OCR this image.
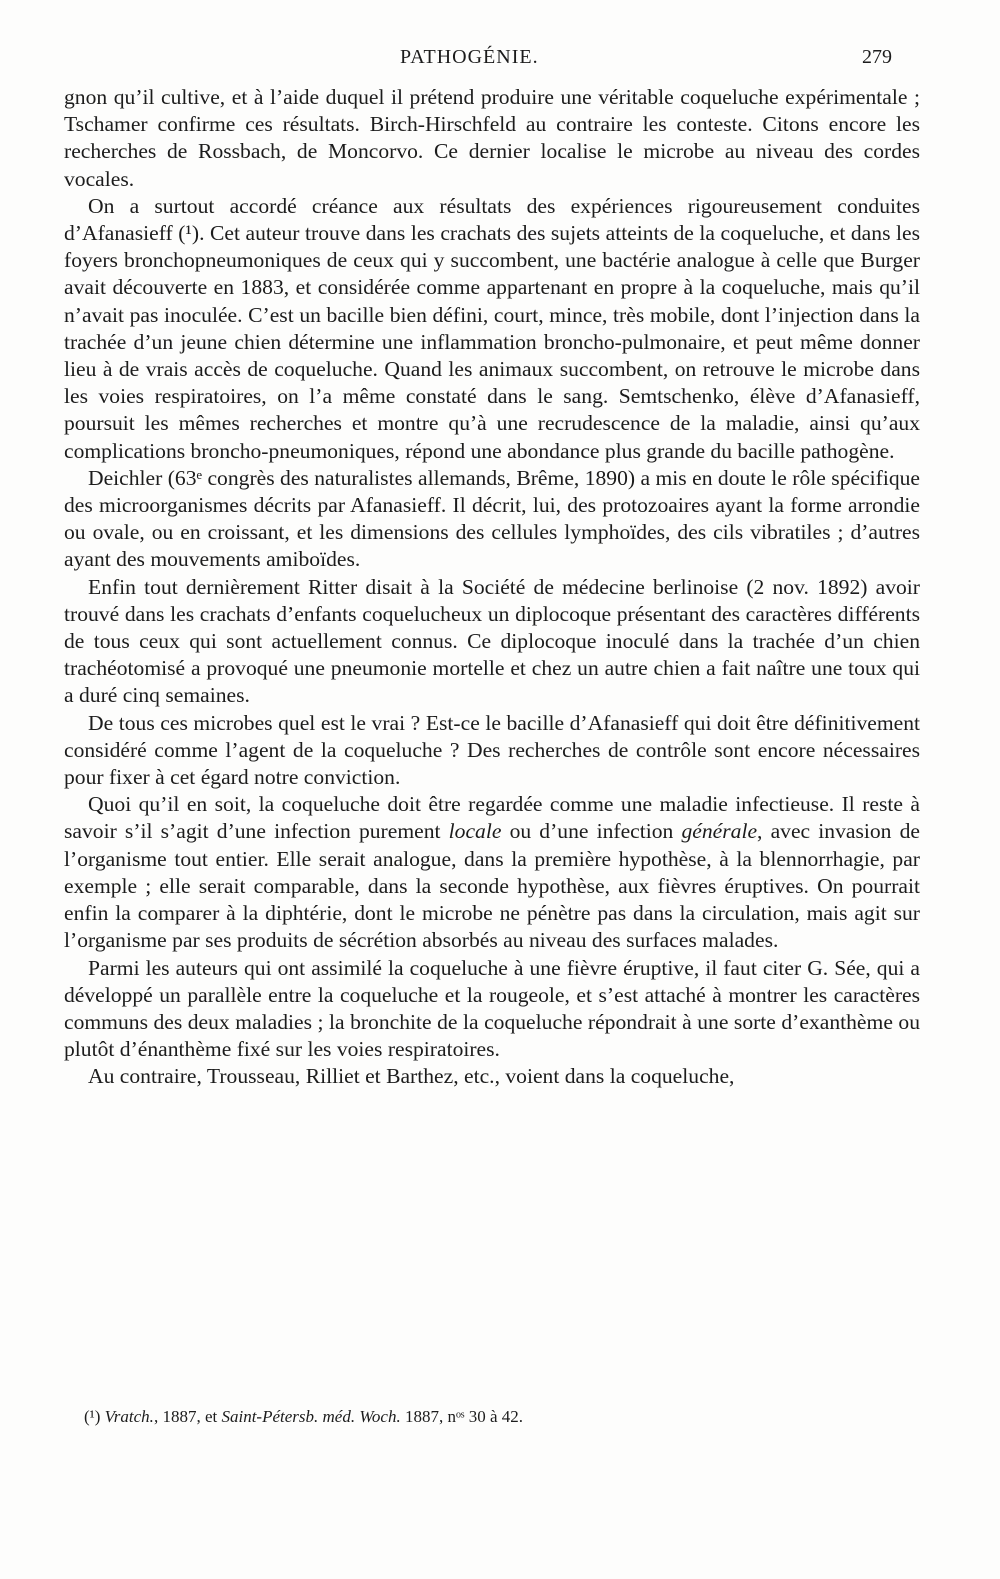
PATHOGÉNIE.	279

gnon qu’il cultive, et à l’aide duquel il prétend produire une véritable coqueluche expérimentale ; Tschamer confirme ces résultats. Birch-Hirschfeld au contraire les conteste. Citons encore les recherches de Rossbach, de Moncorvo. Ce dernier localise le microbe au niveau des cordes vocales.

On a surtout accordé créance aux résultats des expériences rigoureusement conduites d’Afanasieff (¹). Cet auteur trouve dans les crachats des sujets atteints de la coqueluche, et dans les foyers bronchopneumoniques de ceux qui y succombent, une bactérie analogue à celle que Burger avait découverte en 1883, et considérée comme appartenant en propre à la coqueluche, mais qu’il n’avait pas inoculée. C’est un bacille bien défini, court, mince, très mobile, dont l’injection dans la trachée d’un jeune chien détermine une inflammation broncho-pulmonaire, et peut même donner lieu à de vrais accès de coqueluche. Quand les animaux succombent, on retrouve le microbe dans les voies respiratoires, on l’a même constaté dans le sang. Semtschenko, élève d’Afanasieff, poursuit les mêmes recherches et montre qu’à une recrudescence de la maladie, ainsi qu’aux complications broncho-pneumoniques, répond une abondance plus grande du bacille pathogène.

Deichler (63ᵉ congrès des naturalistes allemands, Brême, 1890) a mis en doute le rôle spécifique des microorganismes décrits par Afanasieff. Il décrit, lui, des protozoaires ayant la forme arrondie ou ovale, ou en croissant, et les dimensions des cellules lymphoïdes, des cils vibratiles ; d’autres ayant des mouvements amiboïdes.

Enfin tout dernièrement Ritter disait à la Société de médecine berlinoise (2 nov. 1892) avoir trouvé dans les crachats d’enfants coquelucheux un diplocoque présentant des caractères différents de tous ceux qui sont actuellement connus. Ce diplocoque inoculé dans la trachée d’un chien trachéotomisé a provoqué une pneumonie mortelle et chez un autre chien a fait naître une toux qui a duré cinq semaines.

De tous ces microbes quel est le vrai ? Est-ce le bacille d’Afanasieff qui doit être définitivement considéré comme l’agent de la coqueluche ? Des recherches de contrôle sont encore nécessaires pour fixer à cet égard notre conviction.

Quoi qu’il en soit, la coqueluche doit être regardée comme une maladie infectieuse. Il reste à savoir s’il s’agit d’une infection purement locale ou d’une infection générale, avec invasion de l’organisme tout entier. Elle serait analogue, dans la première hypothèse, à la blennorrhagie, par exemple ; elle serait comparable, dans la seconde hypothèse, aux fièvres éruptives. On pourrait enfin la comparer à la diphtérie, dont le microbe ne pénètre pas dans la circulation, mais agit sur l’organisme par ses produits de sécrétion absorbés au niveau des surfaces malades.

Parmi les auteurs qui ont assimilé la coqueluche à une fièvre éruptive, il faut citer G. Sée, qui a développé un parallèle entre la coqueluche et la rougeole, et s’est attaché à montrer les caractères communs des deux maladies ; la bronchite de la coqueluche répondrait à une sorte d’exanthème ou plutôt d’énanthème fixé sur les voies respiratoires.

Au contraire, Trousseau, Rilliet et Barthez, etc., voient dans la coqueluche,

(¹) Vratch., 1887, et Saint-Pétersb. méd. Woch. 1887, nᵒˢ 30 à 42.
